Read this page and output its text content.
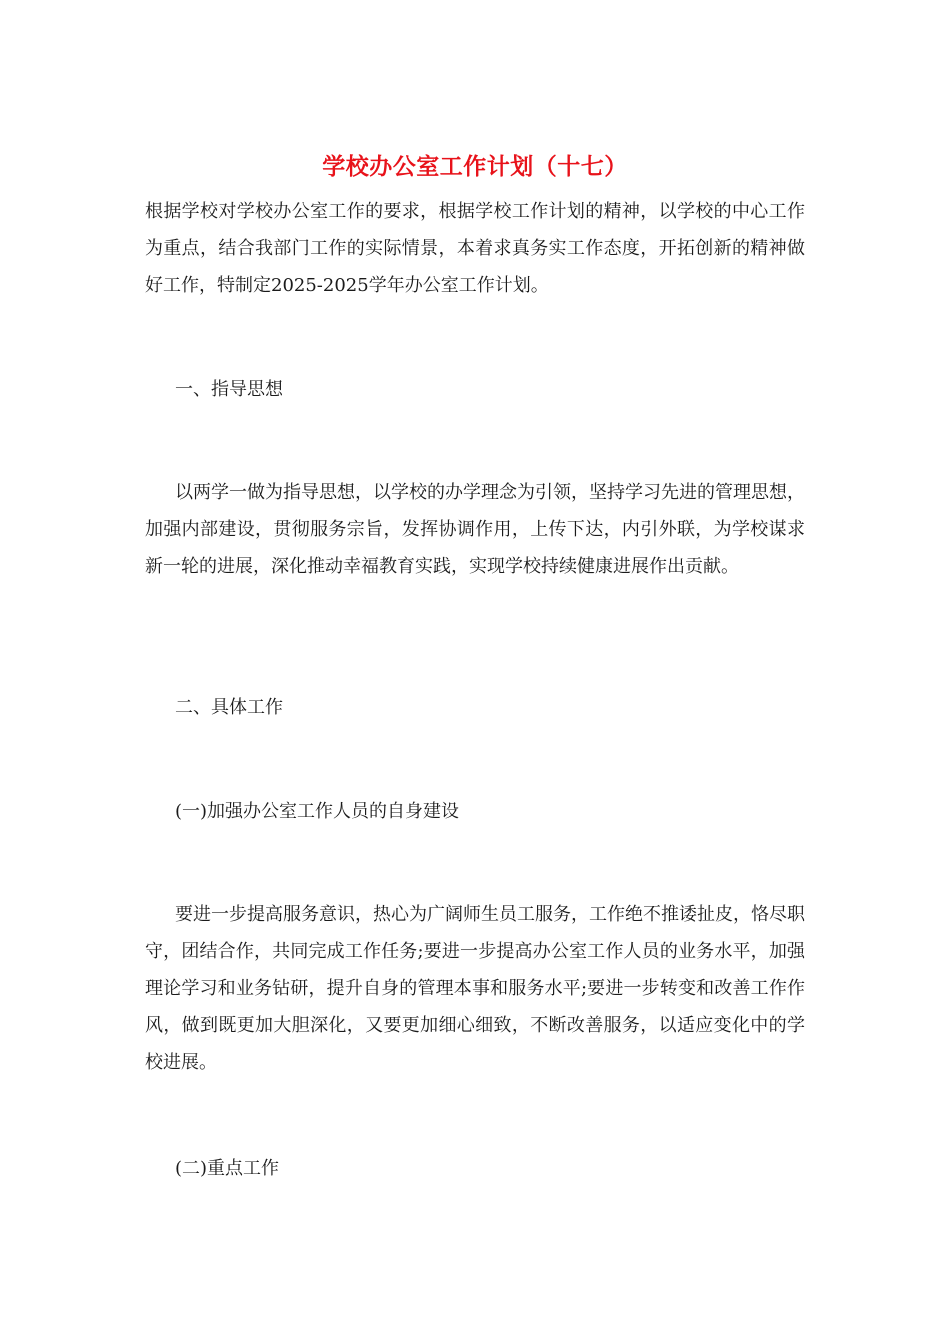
学校办公室工作计划（十七）

根据学校对学校办公室工作的要求，根据学校工作计划的精神，以学校的中心工作为重点，结合我部门工作的实际情景，本着求真务实工作态度，开拓创新的精神做好工作，特制定2025-2025学年办公室工作计划。

一、指导思想

以两学一做为指导思想，以学校的办学理念为引领，坚持学习先进的管理思想，加强内部建设，贯彻服务宗旨，发挥协调作用，上传下达，内引外联，为学校谋求新一轮的进展，深化推动幸福教育实践，实现学校持续健康进展作出贡献。

二、具体工作

(一)加强办公室工作人员的自身建设

要进一步提高服务意识，热心为广阔师生员工服务，工作绝不推诿扯皮，恪尽职守，团结合作，共同完成工作任务;要进一步提高办公室工作人员的业务水平，加强理论学习和业务钻研，提升自身的管理本事和服务水平;要进一步转变和改善工作作风，做到既更加大胆深化，又要更加细心细致，不断改善服务，以适应变化中的学校进展。

(二)重点工作
